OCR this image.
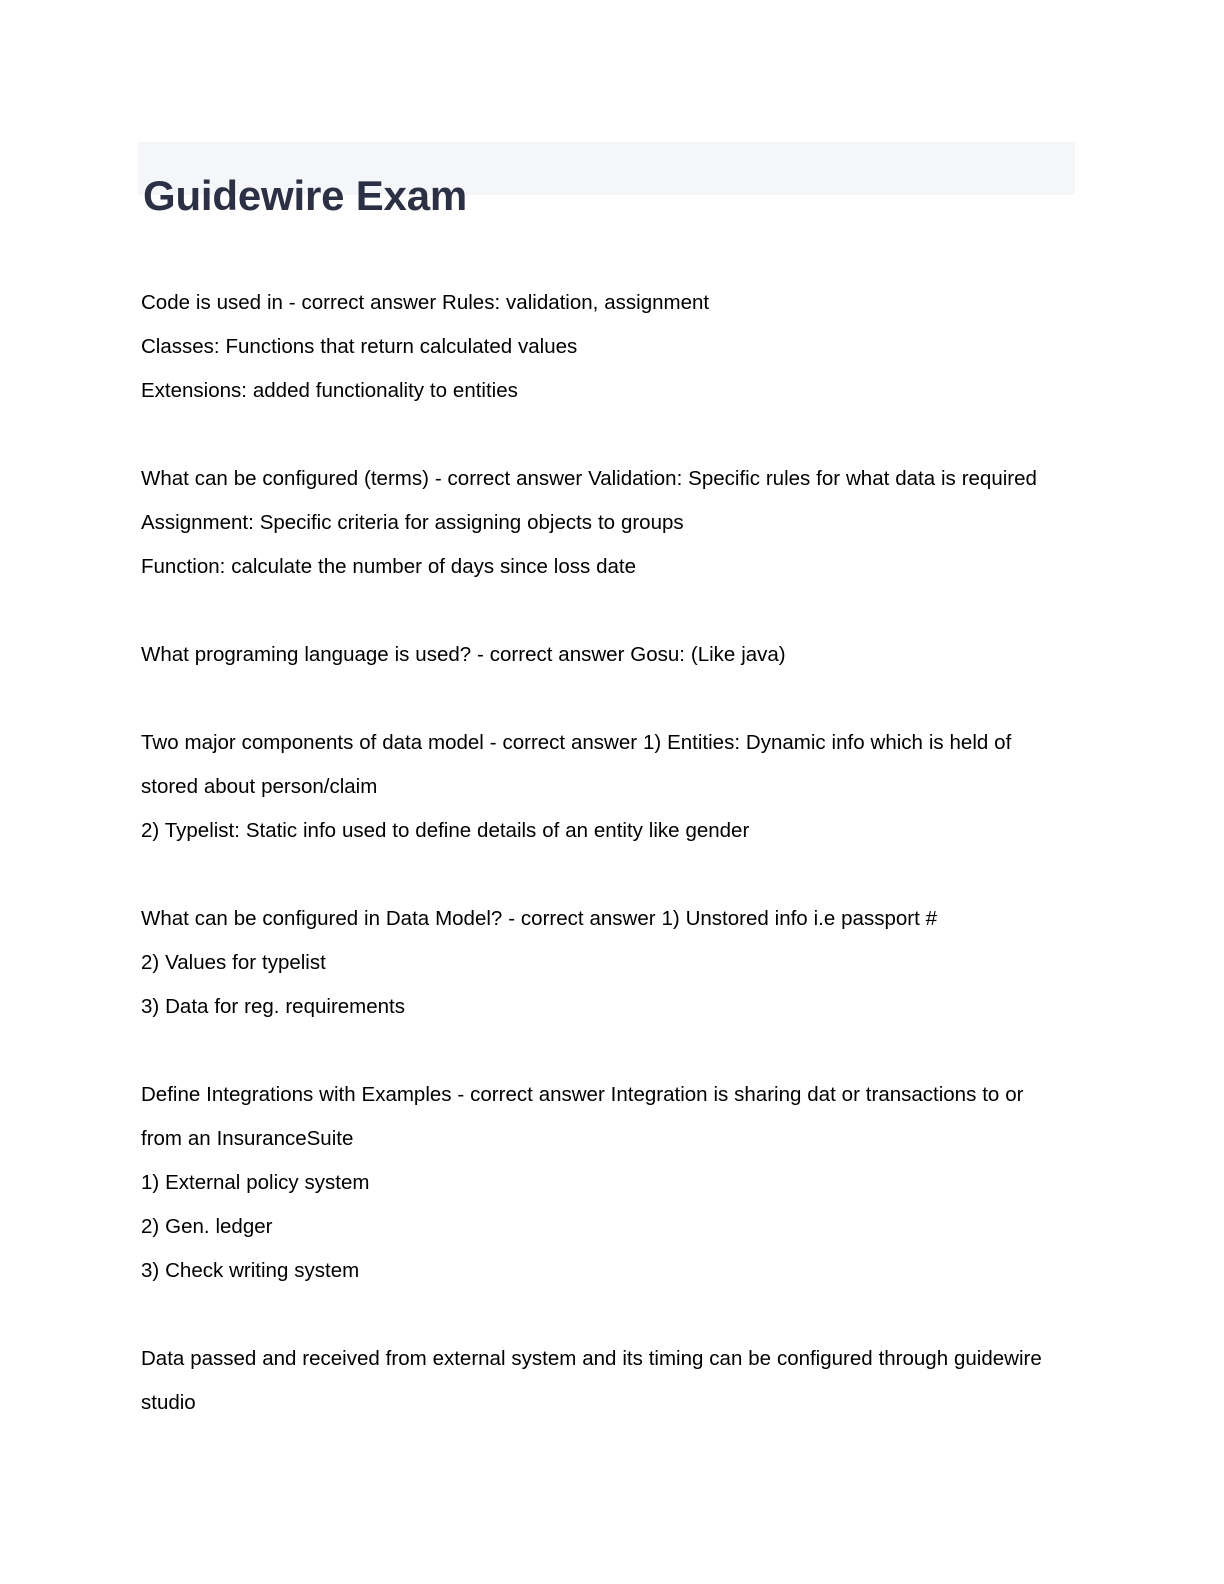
Guidewire Exam

Code is used in - correct answer Rules: validation, assignment

Classes: Functions that return calculated values

Extensions: added functionality to entities

What can be configured (terms) - correct answer Validation: Specific rules for what data is required

Assignment: Specific criteria for assigning objects to groups

Function: calculate the number of days since loss date

What programing language is used? - correct answer Gosu: (Like java)

Two major components of data model - correct answer 1) Entities: Dynamic info which is held of stored about person/claim

2) Typelist: Static info used to define details of an entity like gender

What can be configured in Data Model? - correct answer 1) Unstored info i.e passport #

2) Values for typelist

3) Data for reg. requirements

Define Integrations with Examples - correct answer Integration is sharing dat or transactions to or from an InsuranceSuite

1) External policy system

2) Gen. ledger

3) Check writing system

Data passed and received from external system and its timing can be configured through guidewire studio
